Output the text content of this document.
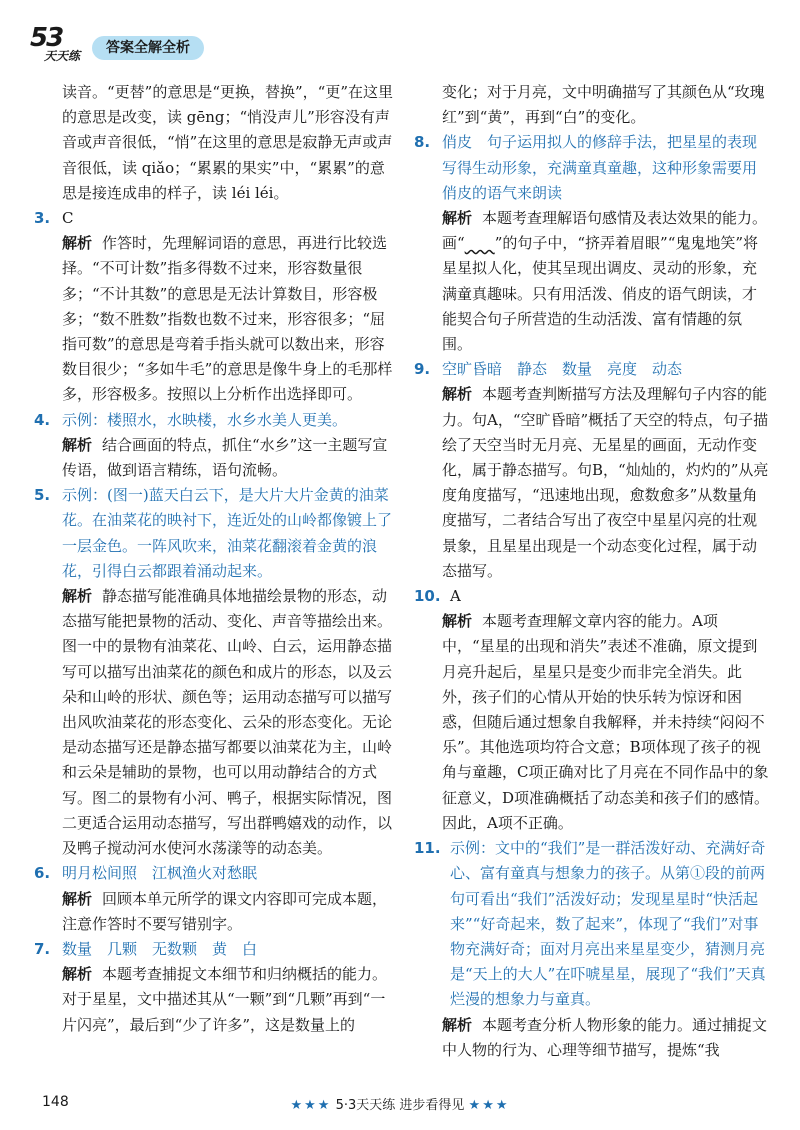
53
天天练	答案全解全析
读音。“更替”的意思是“更换，替换”，“更”在这里的意思是改变，读 gēng；“悄没声儿”形容没有声音或声音很低，“悄”在这里的意思是寂静无声或声音很低，读 qiǎo；“累累的果实”中，“累累”的意思是接连成串的样子，读 léi léi。
3. C
解析 作答时，先理解词语的意思，再进行比较选择。“不可计数”指多得数不过来，形容数量很多；“不计其数”的意思是无法计算数目，形容极多；“数不胜数”指数也数不过来，形容很多；“屈指可数”的意思是弯着手指头就可以数出来，形容数目很少；“多如牛毛”的意思是像牛身上的毛那样多，形容极多。按照以上分析作出选择即可。
4. 示例：楼照水，水映楼，水乡水美人更美。
解析 结合画面的特点，抓住“水乡”这一主题写宣传语，做到语言精练，语句流畅。
5. 示例：(图一)蓝天白云下，是大片大片金黄的油菜花。在油菜花的映衬下，连近处的山岭都像镀上了一层金色。一阵风吹来，油菜花翻滚着金黄的浪花，引得白云都跟着涌动起来。
解析 静态描写能准确具体地描绘景物的形态，动态描写能把景物的活动、变化、声音等描绘出来。图一中的景物有油菜花、山岭、白云，运用静态描写可以描写出油菜花的颜色和成片的形态，以及云朵和山岭的形状、颜色等；运用动态描写可以描写出风吹油菜花的形态变化、云朵的形态变化。无论是动态描写还是静态描写都要以油菜花为主，山岭和云朵是辅助的景物，也可以用动静结合的方式写。图二的景物有小河、鸭子，根据实际情况，图二更适合运用动态描写，写出群鸭嬉戏的动作，以及鸭子搅动河水使河水荡漾等的动态美。
6. 明月松间照　江枫渔火对愁眠
解析 回顾本单元所学的课文内容即可完成本题，注意作答时不要写错别字。
7. 数量　几颗　无数颗　黄　白
解析 本题考查捕捉文本细节和归纳概括的能力。对于星星，文中描述其从“一颗”到“几颗”再到“一片闪亮”，最后到“少了许多”，这是数量上的
变化；对于月亮，文中明确描写了其颜色从“玫瑰红”到“黄”，再到“白”的变化。
8. 俏皮　句子运用拟人的修辞手法，把星星的表现写得生动形象，充满童真童趣，这种形象需要用俏皮的语气来朗读
解析 本题考查理解语句感情及表达效果的能力。画“　　 ”的句子中，“挤弄着眉眼”“鬼鬼地笑”将星星拟人化，使其呈现出调皮、灵动的形象，充满童真趣味。只有用活泼、俏皮的语气朗读，才能契合句子所营造的生动活泼、富有情趣的氛围。
9. 空旷昏暗　静态　数量　亮度　动态
解析 本题考查判断描写方法及理解句子内容的能力。句A，“空旷昏暗”概括了天空的特点，句子描绘了天空当时无月亮、无星星的画面，无动作变化，属于静态描写。句B，“灿灿的，灼灼的”从亮度角度描写，“迅速地出现，愈数愈多”从数量角度描写，二者结合写出了夜空中星星闪亮的壮观景象，且星星出现是一个动态变化过程，属于动态描写。
10. A
解析 本题考查理解文章内容的能力。A项中，“星星的出现和消失”表述不准确，原文提到月亮升起后，星星只是变少而非完全消失。此外，孩子们的心情从开始的快乐转为惊讶和困惑，但随后通过想象自我解释，并未持续“闷闷不乐”。其他选项均符合文意；B项体现了孩子的视角与童趣，C项正确对比了月亮在不同作品中的象征意义，D项准确概括了动态美和孩子们的感情。因此，A项不正确。
11. 示例：文中的“我们”是一群活泼好动、充满好奇心、富有童真与想象力的孩子。从第①段的前两句可看出“我们”活泼好动；发现星星时“快活起来”“好奇起来，数了起来”，体现了“我们”对事物充满好奇；面对月亮出来星星变少，猜测月亮是“天上的大人”在吓唬星星，展现了“我们”天真烂漫的想象力与童真。
解析 本题考查分析人物形象的能力。通过捕捉文中人物的行为、心理等细节描写，提炼“我
148	★★★ 5·3天天练 进步看得见 ★★★
